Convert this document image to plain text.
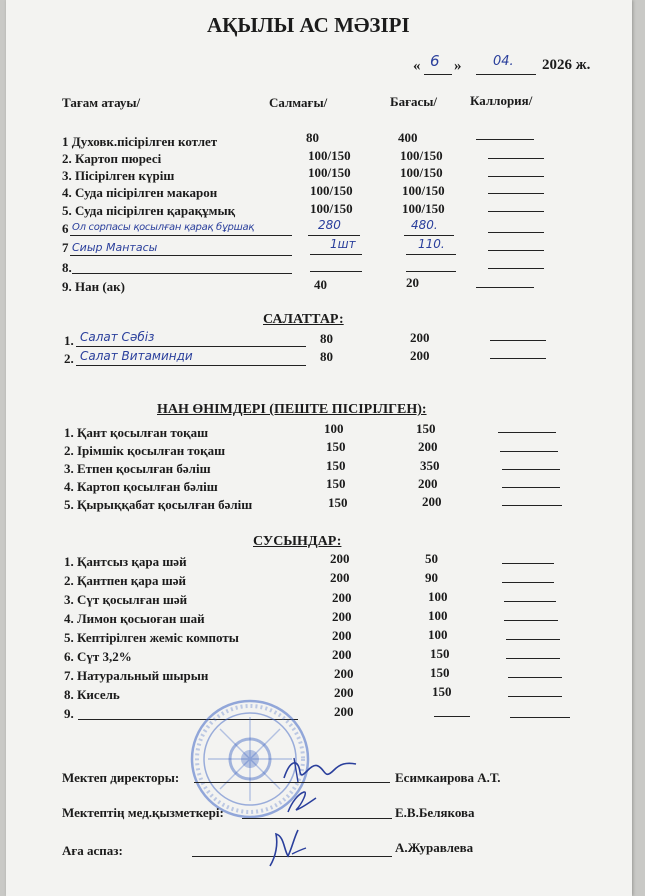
АҚЫЛЫ АС МӘЗІРІ
« 6 » 04. 2026 ж.
Тағам атауы/	Салмағы/	Бағасы/	Каллория/
1 Духовк.пісірілген котлет	80	400
2. Картоп пюресі	100/150	100/150
3. Пісірілген күріш	100/150	100/150
4. Суда пісірілген макарон	100/150	100/150
5. Суда пісірілген қарақұмық	100/150	100/150
6 Ол сорпасы қосылған қарақ бұршақ	280	480.
7 Сиыр Мантасы	1шт	110.
8.
9. Нан (ак)	40	20
САЛАТТАР:
1. Салат Сәбіз	80	200
2. Салат Витаминди	80	200
НАН ӨНІМДЕРІ (ПЕШТЕ ПІСІРІЛГЕН):
1. Қант қосылған тоқаш	100	150
2. Ірімшік қосылған тоқаш	150	200
3. Етпен қосылған бәліш	150	350
4. Картоп қосылған бәліш	150	200
5. Қырыққабат қосылған бәліш	150	200
СУСЫНДАР:
1. Қантсыз қара шәй	200	50
2. Қантпен қара шәй	200	90
3. Сүт қосылған шәй	200	100
4. Лимон қосыоған шай	200	100
5. Кептірілген жеміс компоты	200	100
6. Сүт 3,2%	200	150
7. Натуральный шырын	200	150
8. Кисель	200	150
9.	200
Мектеп директоры:	Есимкаирова А.Т.
Мектептің мед.қызметкері:	Е.В.Белякова
Аға аспаз:	А.Журавлева
